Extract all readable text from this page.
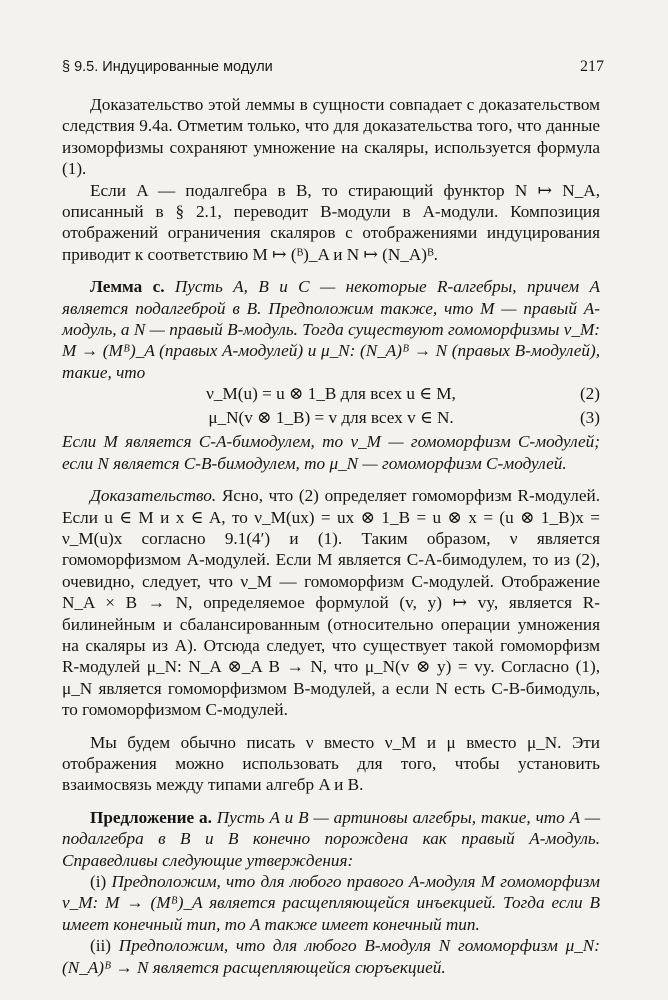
§ 9.5. Индуцированные модули	217

Доказательство этой леммы в сущности совпадает с доказательством следствия 9.4а. Отметим только, что для доказательства того, что данные изоморфизмы сохраняют умножение на скаляры, используется формула (1).

Если A — подалгебра в B, то стирающий функтор N ↦ N_A, описанный в § 2.1, переводит B-модули в A-модули. Композиция отображений ограничения скаляров с отображениями индуцирования приводит к соответствию M ↦ (ᴮ)_A и N ↦ (N_A)ᴮ.

Лемма с. Пусть A, B и C — некоторые R-алгебры, причем A является подалгеброй в B. Предположим также, что M — правый A-модуль, а N — правый B-модуль. Тогда существуют гомоморфизмы ν_M: M → (Mᴮ)_A (правых A-модулей) и μ_N: (N_A)ᴮ → N (правых B-модулей), такие, что

ν_M(u) = u ⊗ 1_B для всех u ∈ M,	(2)
μ_N(v ⊗ 1_B) = v для всех v ∈ N.	(3)

Если M является C-A-бимодулем, то ν_M — гомоморфизм C-модулей; если N является C-B-бимодулем, то μ_N — гомоморфизм C-модулей.

Доказательство. Ясно, что (2) определяет гомоморфизм R-модулей. Если u ∈ M и x ∈ A, то ν_M(ux) = ux ⊗ 1_B = u ⊗ x = (u ⊗ 1_B)x = ν_M(u)x согласно 9.1(4′) и (1). Таким образом, ν является гомоморфизмом A-модулей. Если M является C-A-бимодулем, то из (2), очевидно, следует, что ν_M — гомоморфизм C-модулей. Отображение N_A × B → N, определяемое формулой (v, y) ↦ vy, является R-билинейным и сбалансированным (относительно операции умножения на скаляры из A). Отсюда следует, что существует такой гомоморфизм R-модулей μ_N: N_A ⊗_A B → N, что μ_N(v ⊗ y) = vy. Согласно (1), μ_N является гомоморфизмом B-модулей, а если N есть C-B-бимодуль, то гомоморфизмом C-модулей.

Мы будем обычно писать ν вместо ν_M и μ вместо μ_N. Эти отображения можно использовать для того, чтобы установить взаимосвязь между типами алгебр A и B.

Предложение а. Пусть A и B — артиновы алгебры, такие, что A — подалгебра в B и B конечно порождена как правый A-модуль. Справедливы следующие утверждения:

(i) Предположим, что для любого правого A-модуля M гомоморфизм ν_M: M → (Mᴮ)_A является расщепляющейся инъекцией. Тогда если B имеет конечный тип, то A также имеет конечный тип.

(ii) Предположим, что для любого B-модуля N гомоморфизм μ_N: (N_A)ᴮ → N является расщепляющейся сюръекцией.
